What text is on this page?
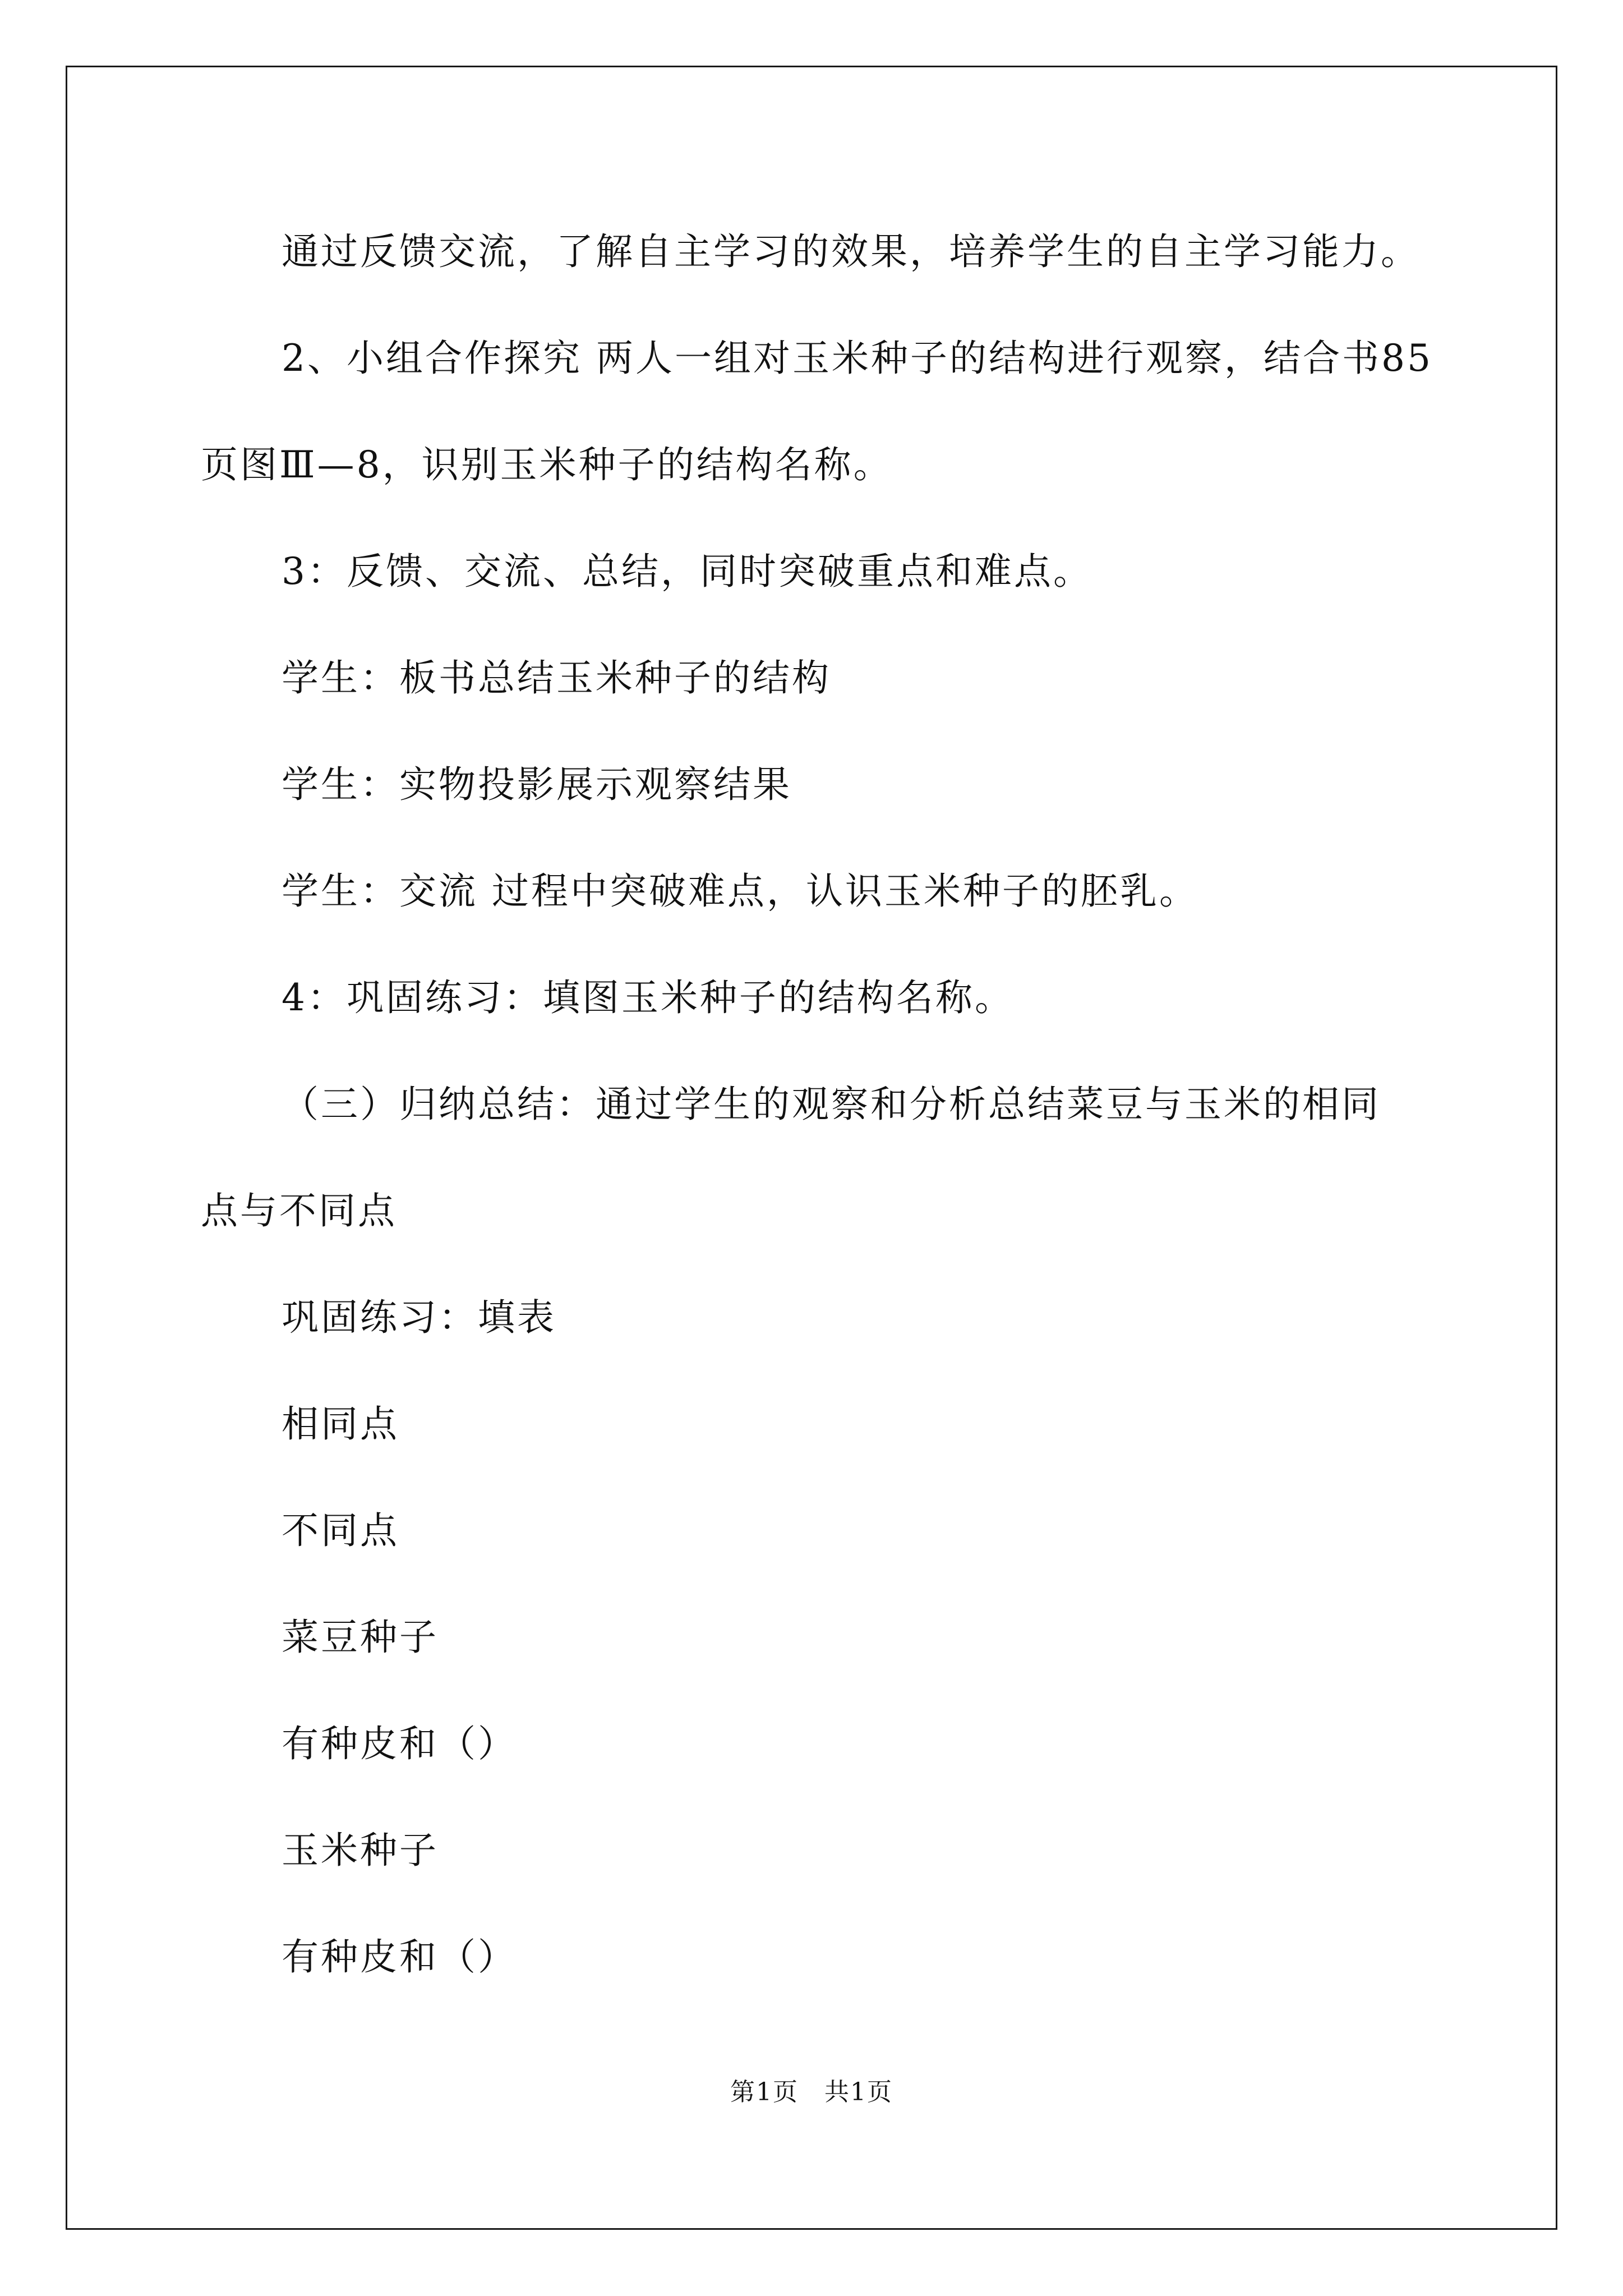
通过反馈交流，了解自主学习的效果，培养学生的自主学习能力。
2、小组合作探究 两人一组对玉米种子的结构进行观察，结合书85
页图Ⅲ—8，识别玉米种子的结构名称。
3：反馈、交流、总结，同时突破重点和难点。
学生：板书总结玉米种子的结构
学生：实物投影展示观察结果
学生：交流 过程中突破难点，认识玉米种子的胚乳。
4：巩固练习：填图玉米种子的结构名称。
（三）归纳总结：通过学生的观察和分析总结菜豆与玉米的相同
点与不同点
巩固练习：填表
相同点
不同点
菜豆种子
有种皮和（）
玉米种子
有种皮和（）
第1页　共1页
